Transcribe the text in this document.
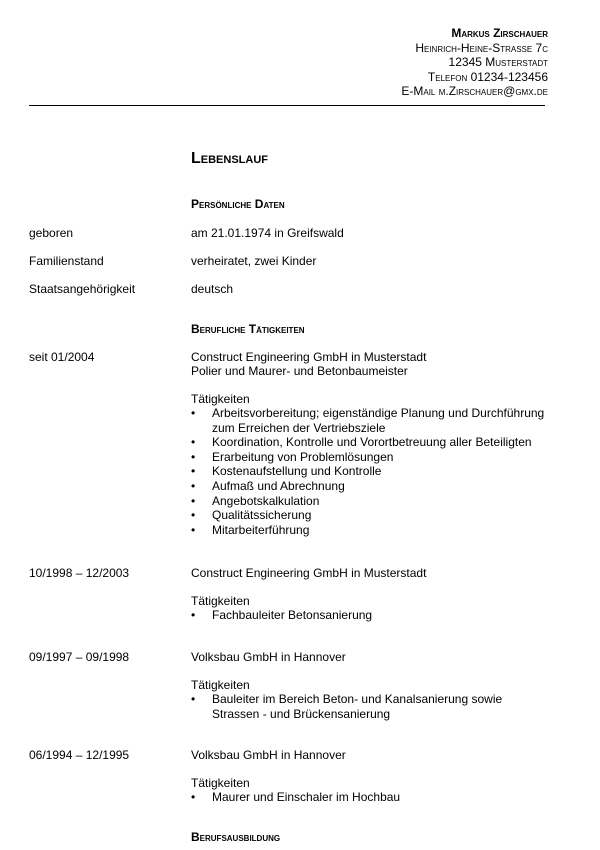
Markus Zirschauer
Heinrich-Heine-Strasse 7c
12345 Musterstadt
Telefon 01234-123456
E-Mail m.Zirschauer@gmx.de
Lebenslauf
Persönliche Daten
geboren	am 21.01.1974 in Greifswald
Familienstand	verheiratet, zwei Kinder
Staatsangehörigkeit	deutsch
Berufliche Tätigkeiten
seit 01/2004	Construct Engineering GmbH in Musterstadt
Polier und Maurer- und Betonbaumeister
Tätigkeiten
• Arbeitsvorbereitung; eigenständige Planung und Durchführung zum Erreichen der Vertriebsziele
• Koordination, Kontrolle und Vorortbetreuung aller Beteiligten
• Erarbeitung von Problemlösungen
• Kostenaufstellung und Kontrolle
• Aufmaß und Abrechnung
• Angebotskalkulation
• Qualitätssicherung
• Mitarbeiterführung
10/1998 – 12/2003	Construct Engineering GmbH in Musterstadt
Tätigkeiten
• Fachbauleiter Betonsanierung
09/1997 – 09/1998	Volksbau GmbH in Hannover
Tätigkeiten
• Bauleiter im Bereich Beton- und Kanalsanierung sowie Strassen - und Brückensanierung
06/1994 – 12/1995	Volksbau GmbH in Hannover
Tätigkeiten
• Maurer und Einschaler im Hochbau
Berufsausbildung
